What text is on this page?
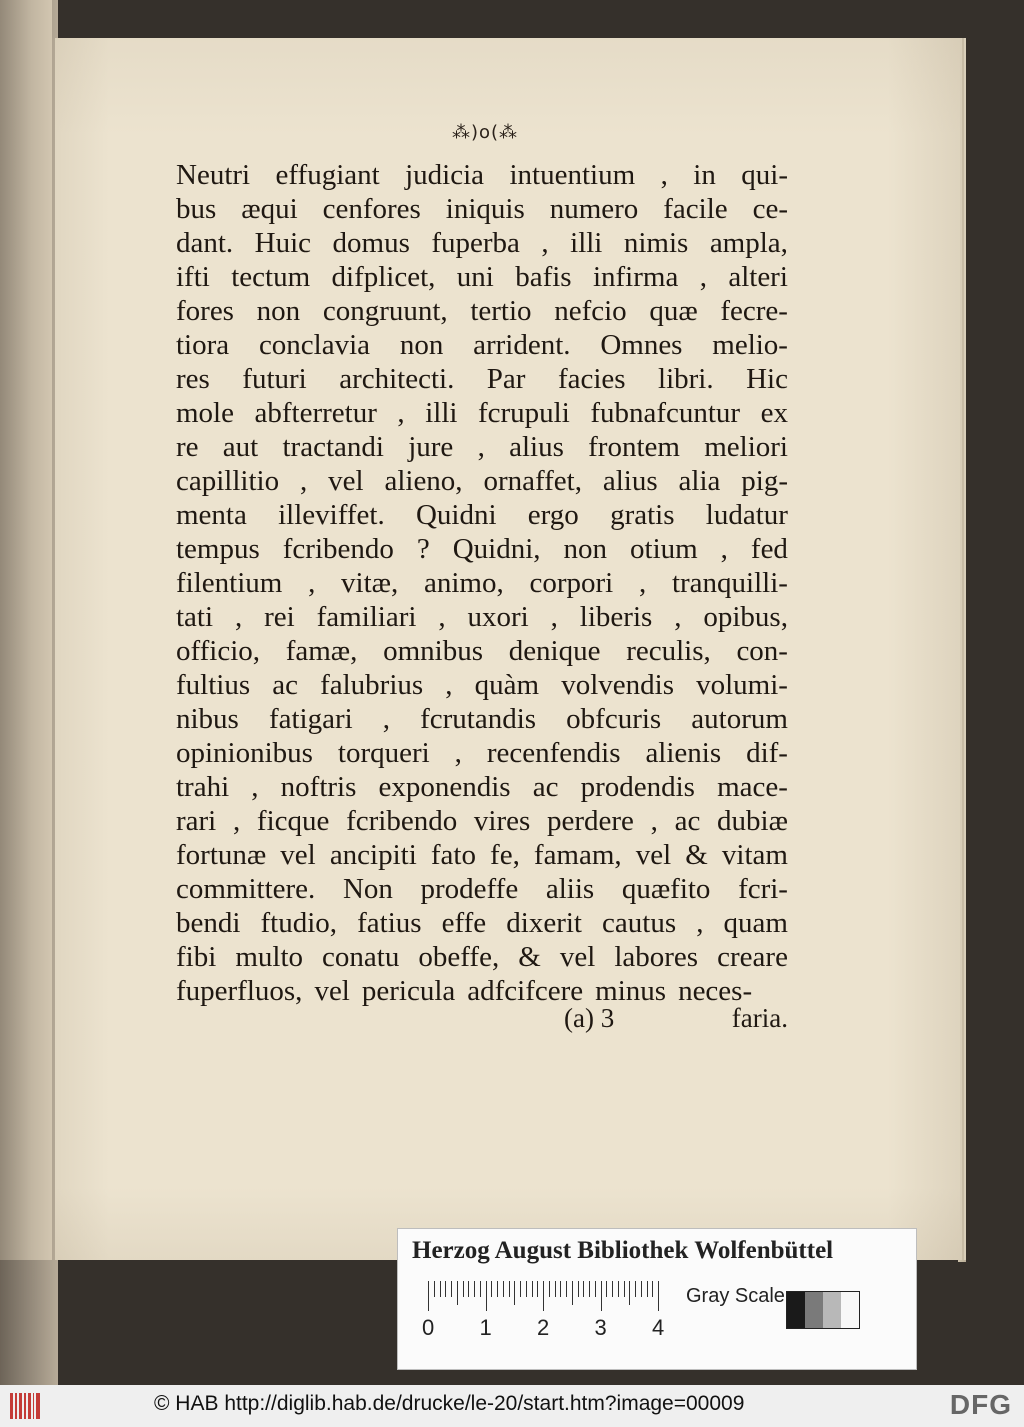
⁂)o(⁂
Neutri effugiant judicia intuentium , in qui-
bus æqui cenfores iniquis numero facile ce-
dant. Huic domus fuperba , illi nimis ampla,
ifti tectum difplicet, uni bafis infirma , alteri
fores non congruunt, tertio nefcio quæ fecre-
tiora conclavia non arrident. Omnes melio-
res futuri architecti. Par facies libri. Hic
mole abfterretur , illi fcrupuli fubnafcuntur ex
re aut tractandi jure , alius frontem meliori
capillitio , vel alieno, ornaffet, alius alia pig-
menta illeviffet. Quidni ergo gratis ludatur
tempus fcribendo ? Quidni, non otium , fed
filentium , vitæ, animo, corpori , tranquilli-
tati , rei familiari , uxori , liberis , opibus,
officio, famæ, omnibus denique reculis, con-
fultius ac falubrius , quàm volvendis volumi-
nibus fatigari , fcrutandis obfcuris autorum
opinionibus torqueri , recenfendis alienis dif-
trahi , noftris exponendis ac prodendis mace-
rari , ficque fcribendo vires perdere , ac dubiæ
fortunæ vel ancipiti fato fe, famam, vel & vitam
committere. Non prodeffe aliis quæfito fcri-
bendi ftudio, fatius effe dixerit cautus , quam
fibi multo conatu obeffe, & vel labores creare
fuperfluos, vel pericula adfcifcere minus neces-
(a) 3	faria.
Herzog August Bibliothek Wolfenbüttel
0 1 2 3 4
Gray Scale
© HAB http://diglib.hab.de/drucke/le-20/start.htm?image=00009	DFG
